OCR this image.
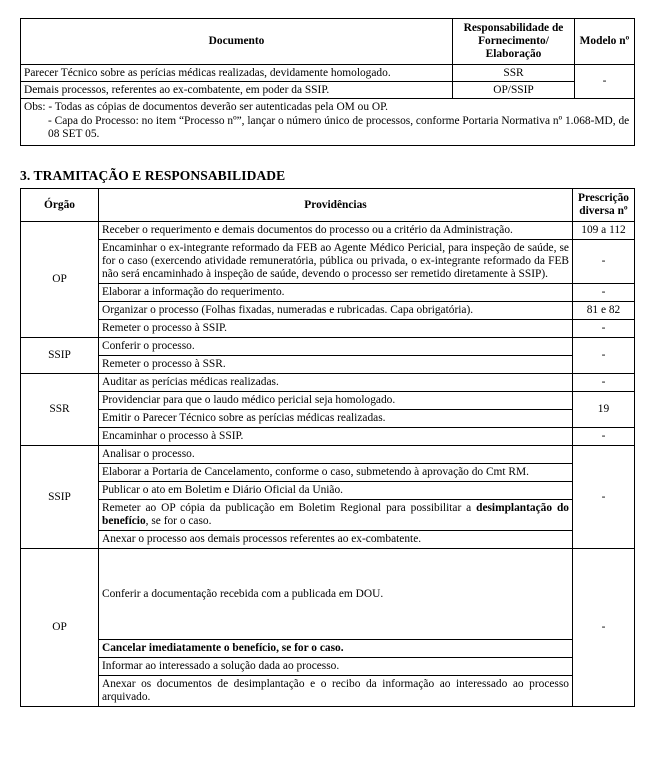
Documento	Responsabilidade de Fornecimento/ Elaboração	Modelo nº
Parecer Técnico sobre as perícias médicas realizadas, devidamente homologado.	SSR	-
Demais processos, referentes ao ex-combatente, em poder da SSIP.	OP/SSIP	

Obs: - Todas as cópias de documentos deverão ser autenticadas pela OM ou OP.
- Capa do Processo: no item “Processo nº”, lançar o número único de processos, conforme Portaria Normativa nº 1.068-MD, de 08 SET 05.		
3. TRAMITAÇÃO E RESPONSABILIDADE
Órgão	Providências	Prescrição diversa nº
OP	Receber o requerimento e demais documentos do processo ou a critério da Administração.	109 a 112
	Encaminhar o ex-integrante reformado da FEB ao Agente Médico Pericial, para inspeção de saúde, se for o caso (exercendo atividade remuneratória, pública ou privada, o ex-integrante reformado da FEB não será encaminhado à inspeção de saúde, devendo o processo ser remetido diretamente à SSIP).	-
	Elaborar a informação do requerimento.	-
	Organizar o processo (Folhas fixadas, numeradas e rubricadas. Capa obrigatória).	81 e 82
	Remeter o processo à SSIP.	-
SSIP	Conferir o processo.	-
	Remeter o processo à SSR.	
SSR	Auditar as perícias médicas realizadas.	-
	Providenciar para que o laudo médico pericial seja homologado.	19
	Emitir o Parecer Técnico sobre as perícias médicas realizadas.	
	Encaminhar o processo à SSIP.	-
SSIP	Analisar o processo.	-
	Elaborar a Portaria de Cancelamento, conforme o caso, submetendo à aprovação do Cmt RM.	
	Publicar o ato em Boletim e Diário Oficial da União.	
	Remeter ao OP cópia da publicação em Boletim Regional para possibilitar a desimplantação do benefício, se for o caso.	
	Anexar o processo aos demais processos referentes ao ex-combatente.	
OP	Conferir a documentação recebida com a publicada em DOU.	-
	Cancelar imediatamente o benefício, se for o caso.	
	Informar ao interessado a solução dada ao processo.	
	Anexar os documentos de desimplantação e o recibo da informação ao interessado ao processo arquivado.	
